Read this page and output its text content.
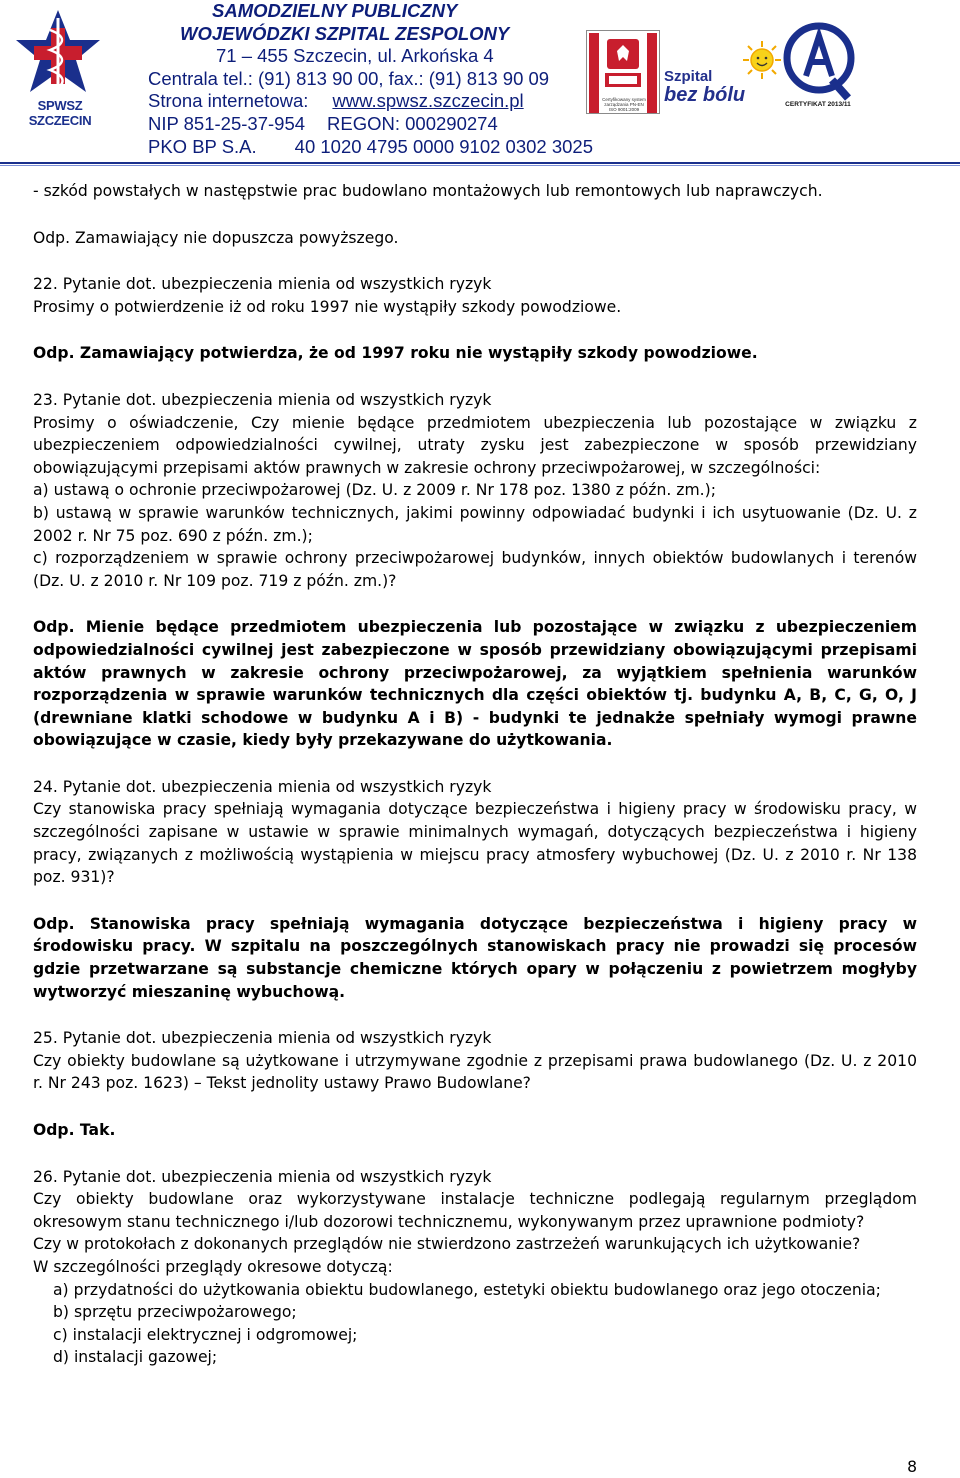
SPWSZ SZCZECIN
SAMODZIELNY PUBLICZNY
WOJEWÓDZKI SZPITAL ZESPOLONY
71 – 455 Szczecin, ul. Arkońska 4
Centrala tel.: (91) 813 90 00, fax.: (91) 813 90 09
Strona internetowa: www.spwsz.szczecin.pl
NIP 851-25-37-954 REGON: 000290274
PKO BP S.A. 40 1020 4795 0000 9102 0302 3025
Certyfikowany system zarządzania PN-EN ISO 9001:2009
Szpital
bez bólu	CERTYFIKAT 2013/11

- szkód powstałych w następstwie prac budowlano montażowych lub remontowych lub naprawczych.

Odp. Zamawiający nie dopuszcza powyższego.

22. Pytanie dot. ubezpieczenia mienia od wszystkich ryzyk

Prosimy o potwierdzenie iż od roku 1997 nie wystąpiły szkody powodziowe.

Odp. Zamawiający potwierdza, że od 1997 roku nie wystąpiły szkody powodziowe.

23. Pytanie dot. ubezpieczenia mienia od wszystkich ryzyk

Prosimy o oświadczenie, Czy mienie będące przedmiotem ubezpieczenia lub pozostające w związku z ubezpieczeniem odpowiedzialności cywilnej, utraty zysku jest zabezpieczone w sposób przewidziany obowiązującymi przepisami aktów prawnych w zakresie ochrony przeciwpożarowej, w szczególności:

a) ustawą o ochronie przeciwpożarowej (Dz. U. z 2009 r. Nr 178 poz. 1380 z późn. zm.);

b) ustawą w sprawie warunków technicznych, jakimi powinny odpowiadać budynki i ich usytuowanie (Dz. U. z 2002 r. Nr 75 poz. 690 z późn. zm.);

c) rozporządzeniem w sprawie ochrony przeciwpożarowej budynków, innych obiektów budowlanych i terenów (Dz. U. z 2010 r. Nr 109 poz. 719 z późn. zm.)?

Odp. Mienie będące przedmiotem ubezpieczenia lub pozostające w związku z ubezpieczeniem odpowiedzialności cywilnej jest zabezpieczone w sposób przewidziany obowiązującymi przepisami aktów prawnych w zakresie ochrony przeciwpożarowej, za wyjątkiem spełnienia warunków rozporządzenia w sprawie warunków technicznych dla części obiektów tj. budynku A, B, C, G, O, J (drewniane klatki schodowe w budynku A i B) - budynki te jednakże spełniały wymogi prawne obowiązujące w czasie, kiedy były przekazywane do użytkowania.

24. Pytanie dot. ubezpieczenia mienia od wszystkich ryzyk

Czy stanowiska pracy spełniają wymagania dotyczące bezpieczeństwa i higieny pracy w środowisku pracy, w szczególności zapisane w ustawie w sprawie minimalnych wymagań, dotyczących bezpieczeństwa i higieny pracy, związanych z możliwością wystąpienia w miejscu pracy atmosfery wybuchowej (Dz. U. z 2010 r. Nr 138 poz. 931)?

Odp. Stanowiska pracy spełniają wymagania dotyczące bezpieczeństwa i higieny pracy w środowisku pracy. W szpitalu na poszczególnych stanowiskach pracy nie prowadzi się procesów gdzie przetwarzane są substancje chemiczne których opary w połączeniu z powietrzem mogłyby wytworzyć mieszaninę wybuchową.

25. Pytanie dot. ubezpieczenia mienia od wszystkich ryzyk

Czy obiekty budowlane są użytkowane i utrzymywane zgodnie z przepisami prawa budowlanego (Dz. U. z 2010 r. Nr 243 poz. 1623) – Tekst jednolity ustawy Prawo Budowlane?

Odp. Tak.

26. Pytanie dot. ubezpieczenia mienia od wszystkich ryzyk

Czy obiekty budowlane oraz wykorzystywane instalacje techniczne podlegają regularnym przeglądom okresowym stanu technicznego i/lub dozorowi technicznemu, wykonywanym przez uprawnione podmioty?

Czy w protokołach z dokonanych przeglądów nie stwierdzono zastrzeżeń warunkujących ich użytkowanie?

W szczególności przeglądy okresowe dotyczą:

a) przydatności do użytkowania obiektu budowlanego, estetyki obiektu budowlanego oraz jego otoczenia;

b) sprzętu przeciwpożarowego;

c) instalacji elektrycznej i odgromowej;

d) instalacji gazowej;

8
